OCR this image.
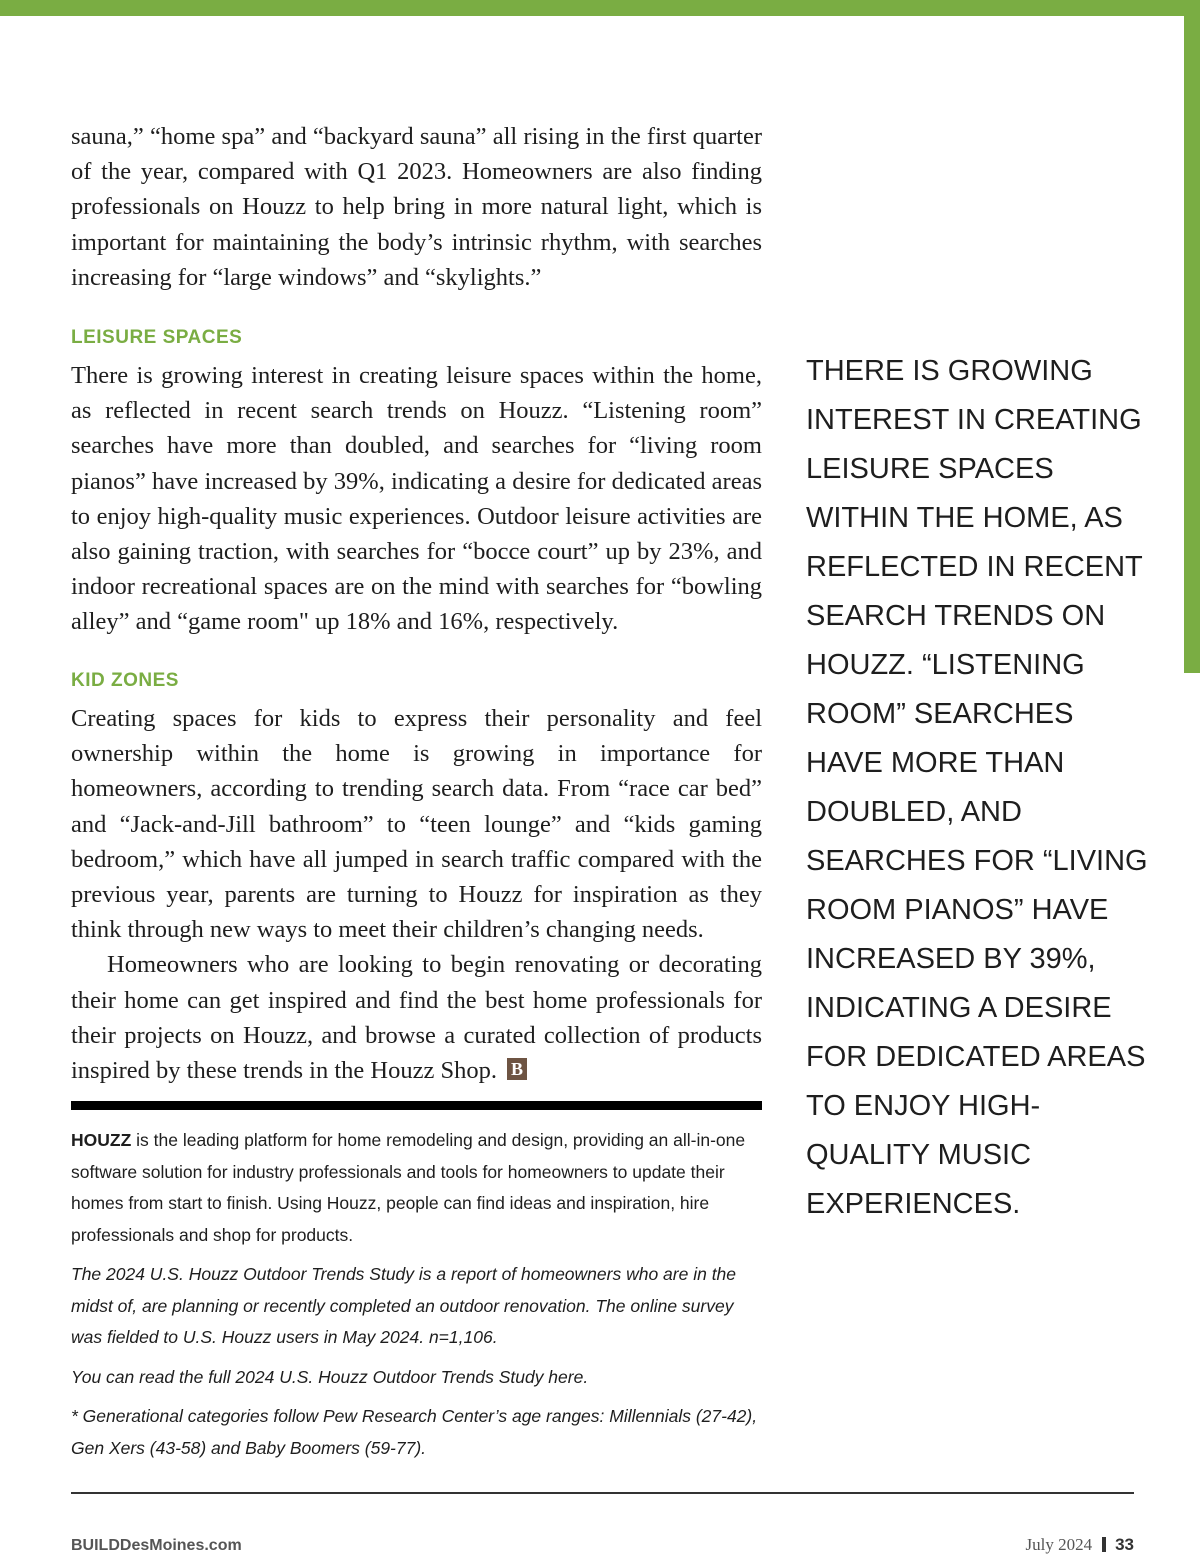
sauna,” “home spa” and “backyard sauna” all rising in the first quarter of the year, compared with Q1 2023. Homeowners are also finding professionals on Houzz to help bring in more natural light, which is important for maintaining the body’s intrinsic rhythm, with searches increasing for “large windows” and “skylights.”

LEISURE SPACES

There is growing interest in creating leisure spaces within the home, as reflected in recent search trends on Houzz. “Listening room” searches have more than doubled, and searches for “living room pianos” have increased by 39%, indicating a desire for dedicated areas to enjoy high-quality music experiences. Outdoor leisure activities are also gaining traction, with searches for “bocce court” up by 23%, and indoor recreational spaces are on the mind with searches for “bowling alley” and “game room" up 18% and 16%, respectively.

KID ZONES

Creating spaces for kids to express their personality and feel ownership within the home is growing in importance for homeowners, according to trending search data. From “race car bed” and “Jack-and-Jill bathroom” to “teen lounge” and “kids gaming bedroom,” which have all jumped in search traffic compared with the previous year, parents are turning to Houzz for inspiration as they think through new ways to meet their children’s changing needs.

Homeowners who are looking to begin renovating or decorating their home can get inspired and find the best home professionals for their projects on Houzz, and browse a curated collection of products inspired by these trends in the Houzz Shop. B

HOUZZ is the leading platform for home remodeling and design, providing an all-in-one software solution for industry professionals and tools for homeowners to update their homes from start to finish. Using Houzz, people can find ideas and inspiration, hire professionals and shop for products.

The 2024 U.S. Houzz Outdoor Trends Study is a report of homeowners who are in the midst of, are planning or recently completed an outdoor renovation. The online survey was fielded to U.S. Houzz users in May 2024. n=1,106.

You can read the full 2024 U.S. Houzz Outdoor Trends Study here.

* Generational categories follow Pew Research Center’s age ranges: Millennials (27-42), Gen Xers (43-58) and Baby Boomers (59-77).

THERE IS GROWING INTEREST IN CREATING LEISURE SPACES WITHIN THE HOME, AS REFLECTED IN RECENT SEARCH TRENDS ON HOUZZ. “LISTENING ROOM” SEARCHES HAVE MORE THAN DOUBLED, AND SEARCHES FOR “LIVING ROOM PIANOS” HAVE INCREASED BY 39%, INDICATING A DESIRE FOR DEDICATED AREAS TO ENJOY HIGH-QUALITY MUSIC EXPERIENCES.

BUILDDesMoines.com	July 2024 33
